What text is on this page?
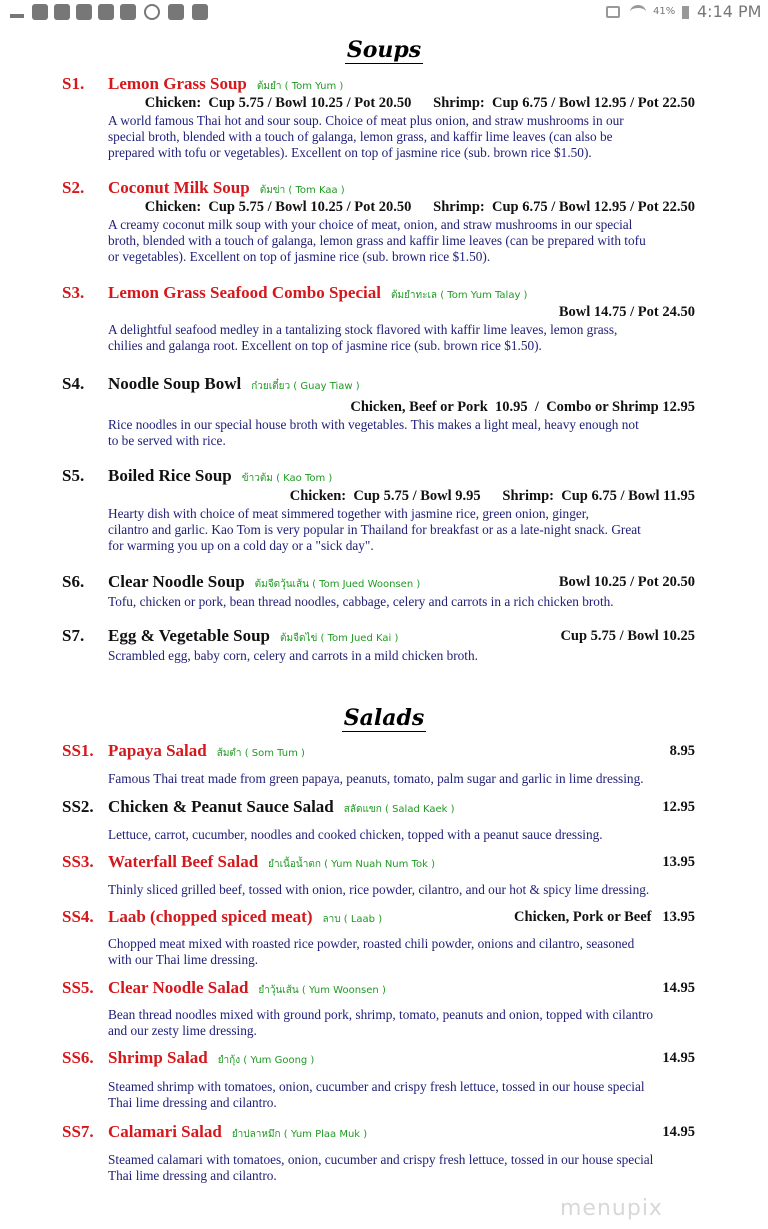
41% 4:14 PM
Soups
Salads
S1. Lemon Grass Soup ต้มยำ ( Tom Yum )
Chicken:  Cup 5.75 / Bowl 10.25 / Pot 20.50      Shrimp:  Cup 6.75 / Bowl 12.95 / Pot 22.50
A world famous Thai hot and sour soup. Choice of meat plus onion, and straw mushrooms in our
special broth, blended with a touch of galanga, lemon grass, and kaffir lime leaves (can also be
prepared with tofu or vegetables). Excellent on top of jasmine rice (sub. brown rice $1.50).
S2. Coconut Milk Soup ต้มข่า ( Tom Kaa )
Chicken:  Cup 5.75 / Bowl 10.25 / Pot 20.50      Shrimp:  Cup 6.75 / Bowl 12.95 / Pot 22.50
A creamy coconut milk soup with your choice of meat, onion, and straw mushrooms in our special
broth, blended with a touch of galanga, lemon grass and kaffir lime leaves (can be prepared with tofu
or vegetables). Excellent on top of jasmine rice (sub. brown rice $1.50).
S3. Lemon Grass Seafood Combo Special ต้มยำทะเล ( Tom Yum Talay )
Bowl 14.75 / Pot 24.50
A delightful seafood medley in a tantalizing stock flavored with kaffir lime leaves, lemon grass,
chilies and galanga root. Excellent on top of jasmine rice (sub. brown rice $1.50).
S4. Noodle Soup Bowl ก๋วยเตี๋ยว ( Guay Tiaw )
Chicken, Beef or Pork  10.95  /  Combo or Shrimp 12.95
Rice noodles in our special house broth with vegetables. This makes a light meal, heavy enough not
to be served with rice.
S5. Boiled Rice Soup ข้าวต้ม ( Kao Tom )
Chicken:  Cup 5.75 / Bowl 9.95      Shrimp:  Cup 6.75 / Bowl 11.95
Hearty dish with choice of meat simmered together with jasmine rice, green onion, ginger,
cilantro and garlic. Kao Tom is very popular in Thailand for breakfast or as a late-night snack. Great
for warming you up on a cold day or a "sick day".
S6. Clear Noodle Soup ต้มจืดวุ้นเส้น ( Tom Jued Woonsen )	Bowl 10.25 / Pot 20.50
Tofu, chicken or pork, bean thread noodles, cabbage, celery and carrots in a rich chicken broth.
S7. Egg & Vegetable Soup ต้มจืดไข่ ( Tom Jued Kai )	Cup 5.75 / Bowl 10.25
Scrambled egg, baby corn, celery and carrots in a mild chicken broth.
SS1. Papaya Salad ส้มตำ ( Som Tum )	8.95
Famous Thai treat made from green papaya, peanuts, tomato, palm sugar and garlic in lime dressing.
SS2. Chicken & Peanut Sauce Salad สลัดแขก ( Salad Kaek )	12.95
Lettuce, carrot, cucumber, noodles and cooked chicken, topped with a peanut sauce dressing.
SS3. Waterfall Beef Salad ยำเนื้อน้ำตก ( Yum Nuah Num Tok )	13.95
Thinly sliced grilled beef, tossed with onion, rice powder, cilantro, and our hot & spicy lime dressing.
SS4. Laab (chopped spiced meat) ลาบ ( Laab )	Chicken, Pork or Beef   13.95
Chopped meat mixed with roasted rice powder, roasted chili powder, onions and cilantro, seasoned
with our Thai lime dressing.
SS5. Clear Noodle Salad ยำวุ้นเส้น ( Yum Woonsen )	14.95
Bean thread noodles mixed with ground pork, shrimp, tomato, peanuts and onion, topped with cilantro
and our zesty lime dressing.
SS6. Shrimp Salad ยำกุ้ง ( Yum Goong )	14.95
Steamed shrimp with tomatoes, onion, cucumber and crispy fresh lettuce, tossed in our house special
Thai lime dressing and cilantro.
SS7. Calamari Salad ยำปลาหมึก ( Yum Plaa Muk )	14.95
Steamed calamari with tomatoes, onion, cucumber and crispy fresh lettuce, tossed in our house special
Thai lime dressing and cilantro.
menupix
